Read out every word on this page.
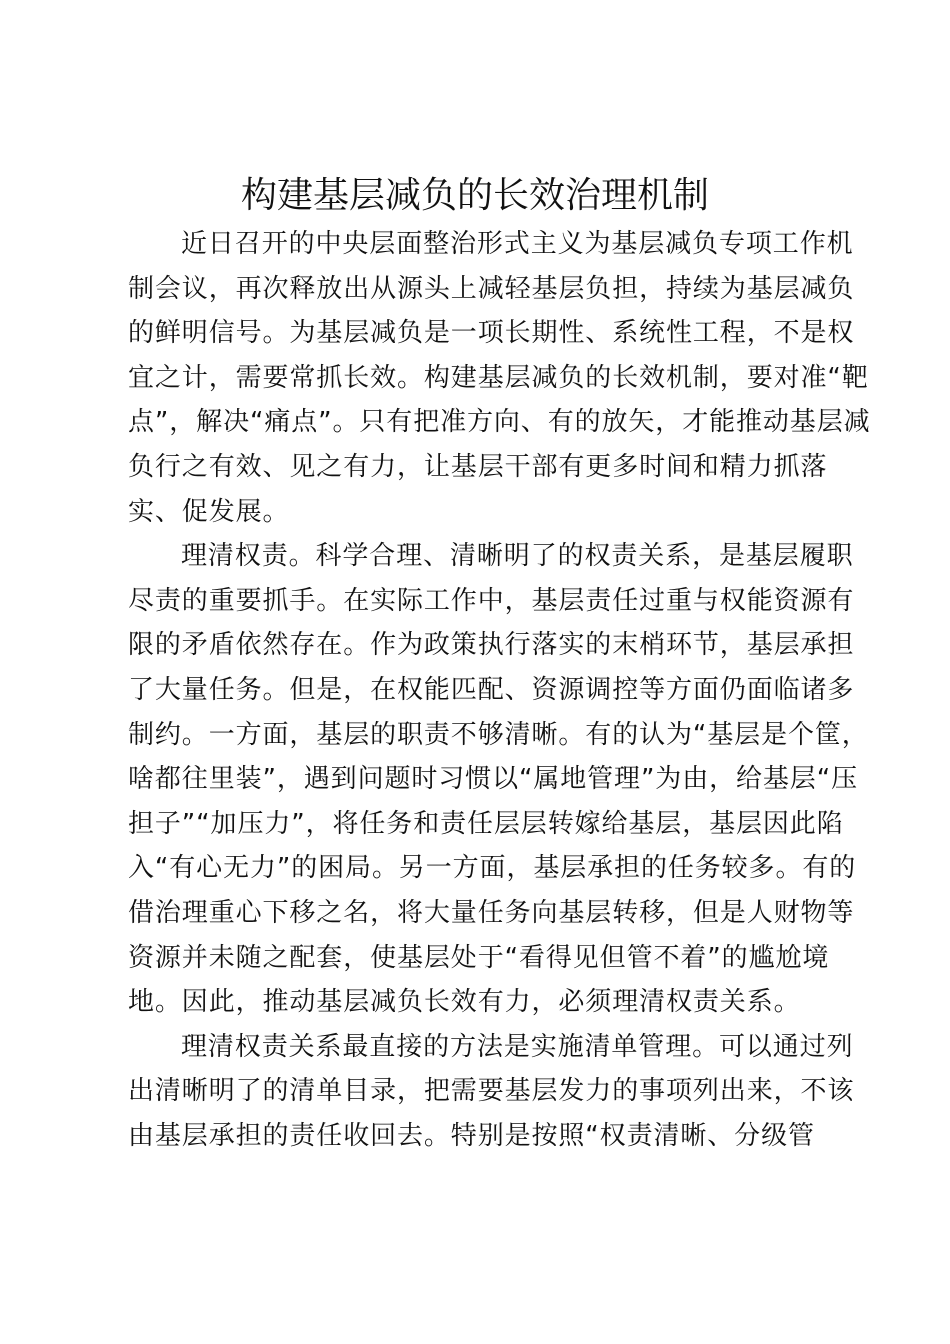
构建基层减负的长效治理机制

近日召开的中央层面整治形式主义为基层减负专项工作机
制会议，再次释放出从源头上减轻基层负担，持续为基层减负
的鲜明信号。为基层减负是一项长期性、系统性工程，不是权
宜之计，需要常抓长效。构建基层减负的长效机制，要对准“靶
点”，解决“痛点”。只有把准方向、有的放矢，才能推动基层减
负行之有效、见之有力，让基层干部有更多时间和精力抓落
实、促发展。

理清权责。科学合理、清晰明了的权责关系，是基层履职
尽责的重要抓手。在实际工作中，基层责任过重与权能资源有
限的矛盾依然存在。作为政策执行落实的末梢环节，基层承担
了大量任务。但是，在权能匹配、资源调控等方面仍面临诸多
制约。一方面，基层的职责不够清晰。有的认为“基层是个筐，
啥都往里装”，遇到问题时习惯以“属地管理”为由，给基层“压
担子”“加压力”，将任务和责任层层转嫁给基层，基层因此陷
入“有心无力”的困局。另一方面，基层承担的任务较多。有的
借治理重心下移之名，将大量任务向基层转移，但是人财物等
资源并未随之配套，使基层处于“看得见但管不着”的尴尬境
地。因此，推动基层减负长效有力，必须理清权责关系。

理清权责关系最直接的方法是实施清单管理。可以通过列
出清晰明了的清单目录，把需要基层发力的事项列出来，不该
由基层承担的责任收回去。特别是按照“权责清晰、分级管
